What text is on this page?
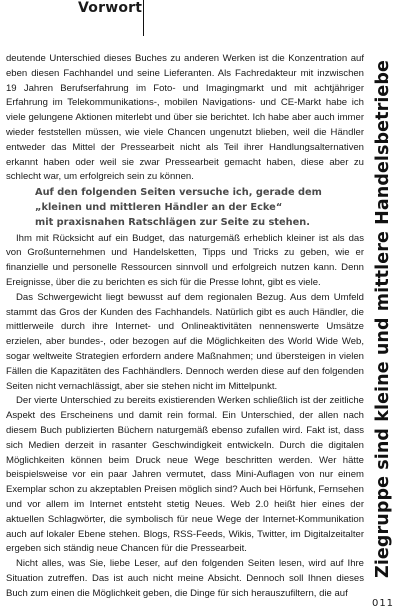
Vorwort

deutende Unterschied dieses Buches zu anderen Werken ist die Konzentration auf eben diesen Fachhandel und seine Lieferanten. Als Fachredakteur mit inzwischen 19 Jahren Berufserfahrung im Foto- und Imagingmarkt und mit achtjähriger Erfahrung im Telekommunikations-, mobilen Navigations- und CE-Markt habe ich viele gelungene Aktionen miterlebt und über sie berichtet. Ich habe aber auch immer wieder feststellen müssen, wie viele Chancen ungenutzt blieben, weil die Händler entweder das Mittel der Pressearbeit nicht als Teil ihrer Handlungsalternativen erkannt haben oder weil sie zwar Pressearbeit gemacht haben, diese aber zu schlecht war, um erfolgreich sein zu können.

Auf den folgenden Seiten versuche ich, gerade dem
„kleinen und mittleren Händler an der Ecke“
mit praxisnahen Ratschlägen zur Seite zu stehen.

Ihm mit Rücksicht auf ein Budget, das naturgemäß erheblich kleiner ist als das von Großunternehmen und Handelsketten, Tipps und Tricks zu geben, wie er finanzielle und personelle Ressourcen sinnvoll und erfolgreich nutzen kann. Denn Ereignisse, über die zu berichten es sich für die Presse lohnt, gibt es viele.

Das Schwergewicht liegt bewusst auf dem regionalen Bezug. Aus dem Umfeld stammt das Gros der Kunden des Fachhandels. Natürlich gibt es auch Händler, die mittlerweile durch ihre Internet- und Onlineaktivitäten nennenswerte Umsätze erzielen, aber bundes-, oder bezogen auf die Möglichkeiten des World Wide Web, sogar weltweite Strategien erfordern andere Maßnahmen; und übersteigen in vielen Fällen die Kapazitäten des Fachhändlers. Dennoch werden diese auf den folgenden Seiten nicht vernachlässigt, aber sie stehen nicht im Mittelpunkt.

Der vierte Unterschied zu bereits existierenden Werken schließlich ist der zeitliche Aspekt des Erscheinens und damit rein formal. Ein Unterschied, der allen nach diesem Buch publizierten Büchern naturgemäß ebenso zufallen wird. Fakt ist, dass sich Medien derzeit in rasanter Geschwindigkeit entwickeln. Durch die digitalen Möglichkeiten können beim Druck neue Wege beschritten werden. Wer hätte beispielsweise vor ein paar Jahren vermutet, dass Mini-Auflagen von nur einem Exemplar schon zu akzeptablen Preisen möglich sind? Auch bei Hörfunk, Fernsehen und vor allem im Internet entsteht stetig Neues. Web 2.0 heißt hier eines der aktuellen Schlagwörter, die symbolisch für neue Wege der Internet-Kommunikation auch auf lokaler Ebene stehen. Blogs, RSS-Feeds, Wikis, Twitter, im Digitalzeitalter ergeben sich ständig neue Chancen für die Pressearbeit.

Nicht alles, was Sie, liebe Leser, auf den folgenden Seiten lesen, wird auf Ihre Situation zutreffen. Das ist auch nicht meine Absicht. Dennoch soll Ihnen dieses Buch zum einen die Möglichkeit geben, die Dinge für sich herauszufiltern, die auf

Ziegruppe sind kleine und mittlere Handelsbetriebe
011
